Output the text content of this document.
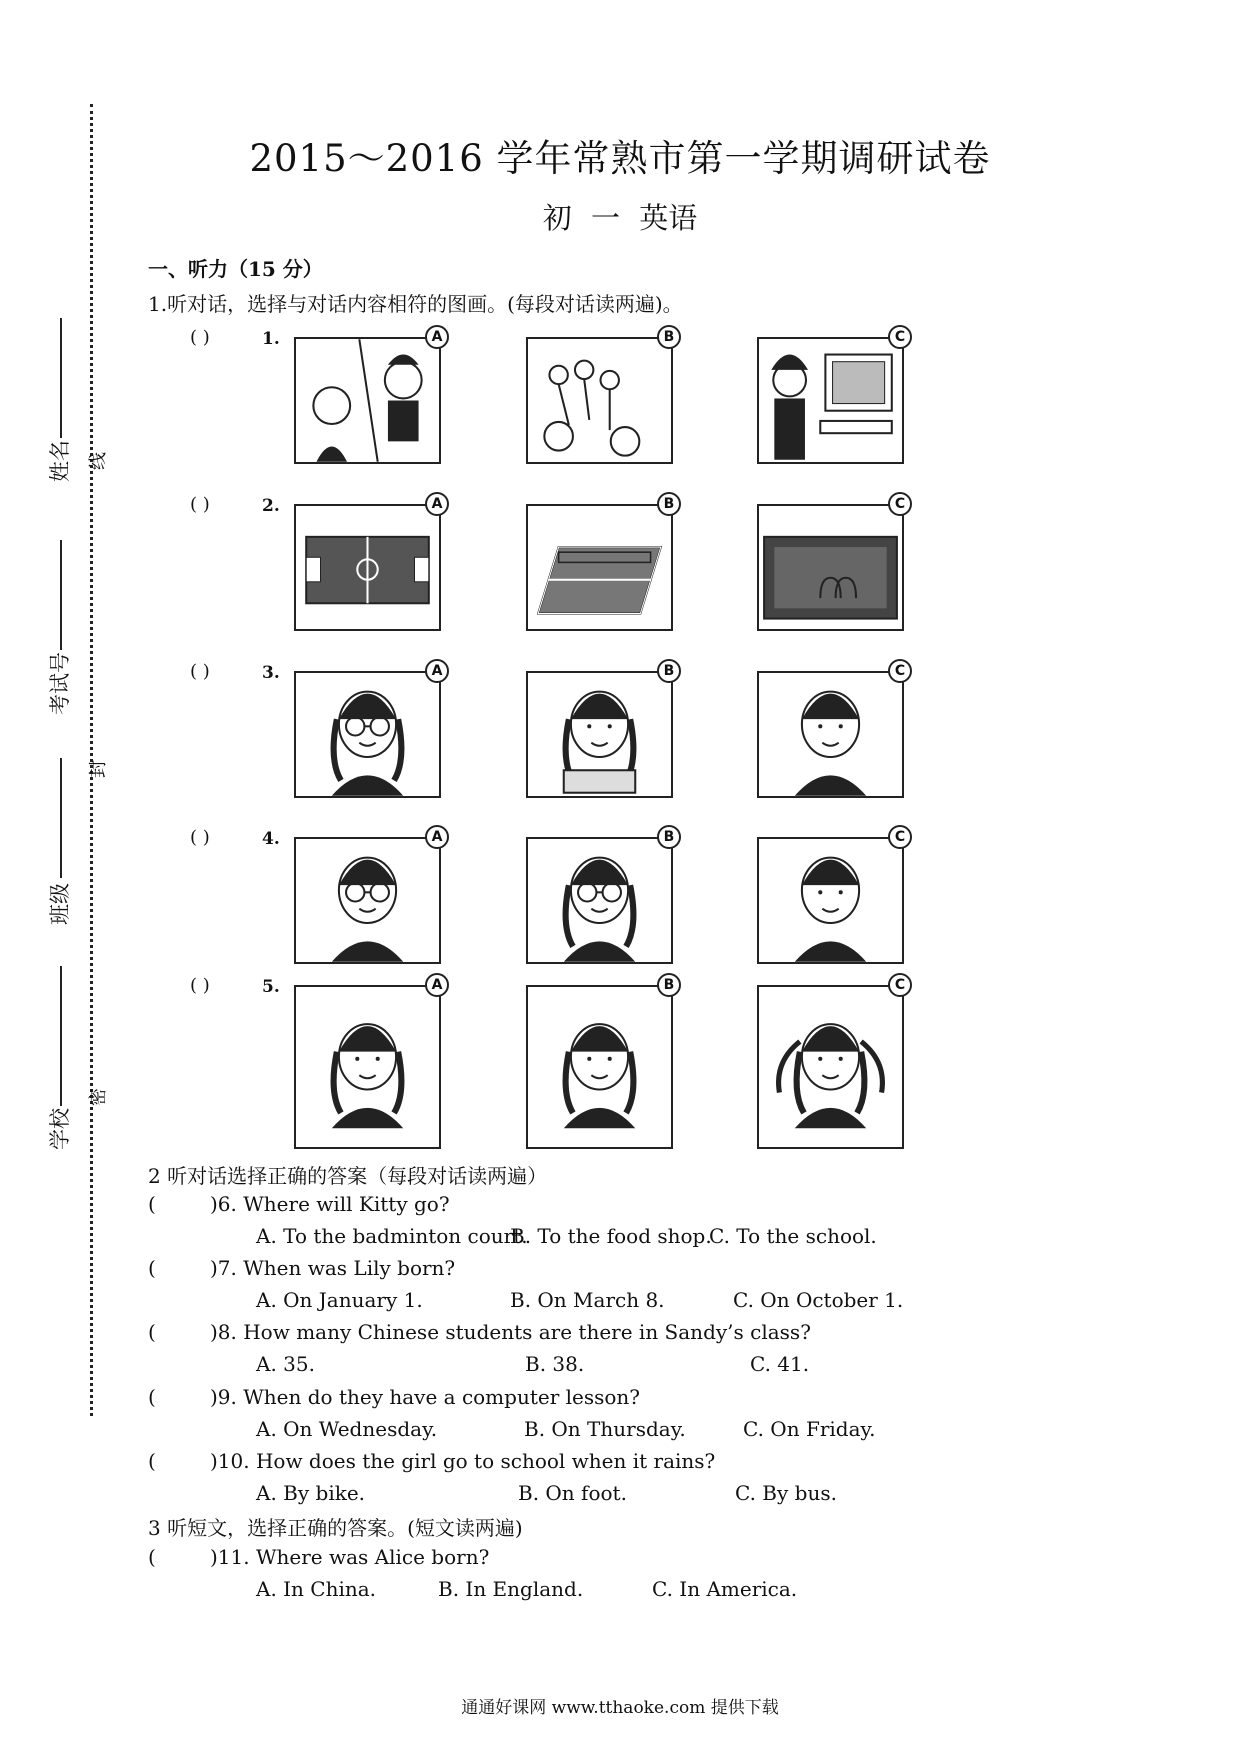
姓名 线
考试号
封
班级
学校
密
2015～2016 学年常熟市第一学期调研试卷
初 一 英语
一、听力（15 分）
1.听对话，选择与对话内容相符的图画。(每段对话读两遍)。
( )	1.	A	B	C
( )	2.	A	B	C
( )	3.	A	B	C
( )	4.	A	B	C
( )	5.	A	B	C
2 听对话选择正确的答案（每段对话读两遍）
(	)6. Where will Kitty go?
A. To the badminton court.
B. To the food shop.
C. To the school.
(	)7. When was Lily born?
A. On January 1.	B. On March 8.	C. On October 1.
(	)8. How many Chinese students are there in Sandy’s class?
A. 35.	B. 38.	C. 41.
(	)9. When do they have a computer lesson?
A. On Wednesday.	B. On Thursday.	C. On Friday.
(	)10. How does the girl go to school when it rains?
A. By bike.	B. On foot.	C. By bus.
3 听短文，选择正确的答案。(短文读两遍)
(	)11. Where was Alice born?
A. In China.	B. In England.	C. In America.
通通好课网 www.tthaoke.com 提供下载
